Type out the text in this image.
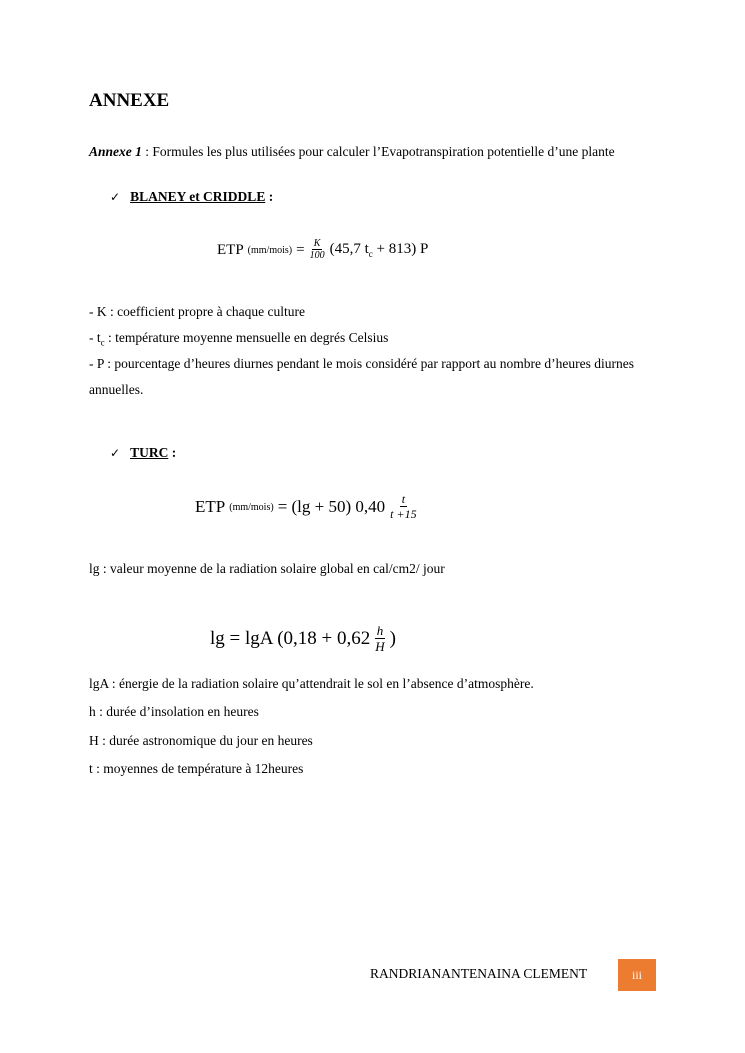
ANNEXE
Annexe 1 : Formules les plus utilisées pour calculer l’Evapotranspiration potentielle d’une plante
✓ BLANEY et CRIDDLE :
ETP (mm/mois) = $\frac{K}{100} (45,7$ $t_c + 813$) P
- K : coefficient propre à chaque culture
- $t_c$ : température moyenne mensuelle en degrés Celsius
- P : pourcentage d’heures diurnes pendant le mois considéré par rapport au nombre d’heures diurnes annuelles.
✓ TURC :
ETP (mm/mois) = (lg + 50) $0,40 \frac{t}{t +15}$
lg : valeur moyenne de la radiation solaire global en cal/cm2/ jour
lg = lgA ($0,18 + 0,62 \frac{h}{H}$ )
lgA : énergie de la radiation solaire qu’attendrait le sol en l’absence d’atmosphère.
h : durée d’insolation en heures
H : durée astronomique du jour en heures
t : moyennes de température à 12heures
RANDRIANANTENAINA CLEMENT	iii
